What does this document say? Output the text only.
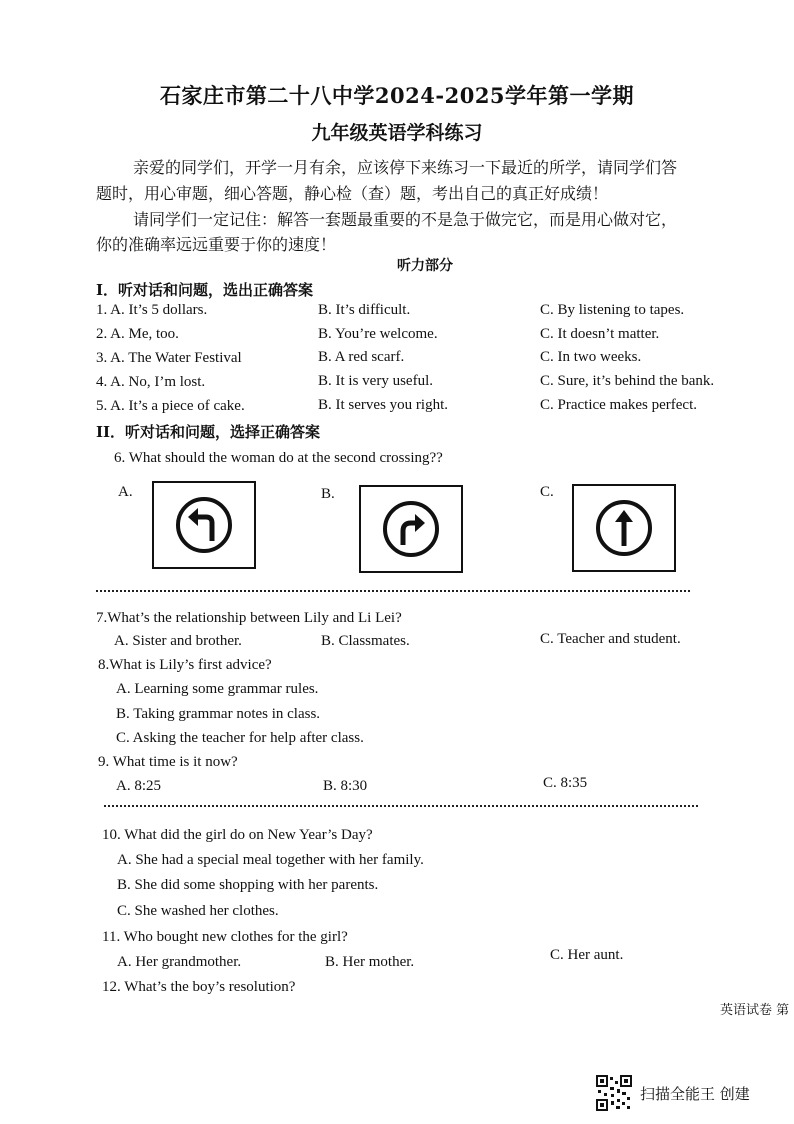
石家庄市第二十八中学2024-2025学年第一学期
九年级英语学科练习
亲爱的同学们，开学一月有余，应该停下来练习一下最近的所学，请同学们答
题时，用心审题，细心答题，静心检（查）题，考出自己的真正好成绩！
请同学们一定记住：解答一套题最重要的不是急于做完它，而是用心做对它，
你的准确率远远重要于你的速度！
听力部分
I．听对话和问题，选出正确答案
1. A. It’s 5 dollars.	B. It’s difficult.	C. By listening to tapes.
2. A. Me, too.	B. You’re welcome.	C. It doesn’t matter.
3. A. The Water Festival	B. A red scarf.	C. In two weeks.
4. A. No, I’m lost.	B. It is very useful.	C. Sure, it’s behind the bank.
5. A. It’s a piece of cake.	B. It serves you right.	C. Practice makes perfect.
II．听对话和问题，选择正确答案
6. What should the woman do at the second crossing??
A.	B.	C.
7.What’s the relationship between Lily and Li Lei?
A. Sister and brother.	B. Classmates.	C. Teacher and student.
8.What is Lily’s first advice?
A. Learning some grammar rules.
B. Taking grammar notes in class.
C. Asking the teacher for help after class.
9. What time is it now?
A. 8:25	B. 8:30	C. 8:35
10. What did the girl do on New Year’s Day?
A. She had a special meal together with her family.
B. She did some shopping with her parents.
C. She washed her clothes.
11. Who bought new clothes for the girl?
A. Her grandmother.	B. Her mother.	C. Her aunt.
12. What’s the boy’s resolution?
英语试卷 第
扫描全能王 创建
